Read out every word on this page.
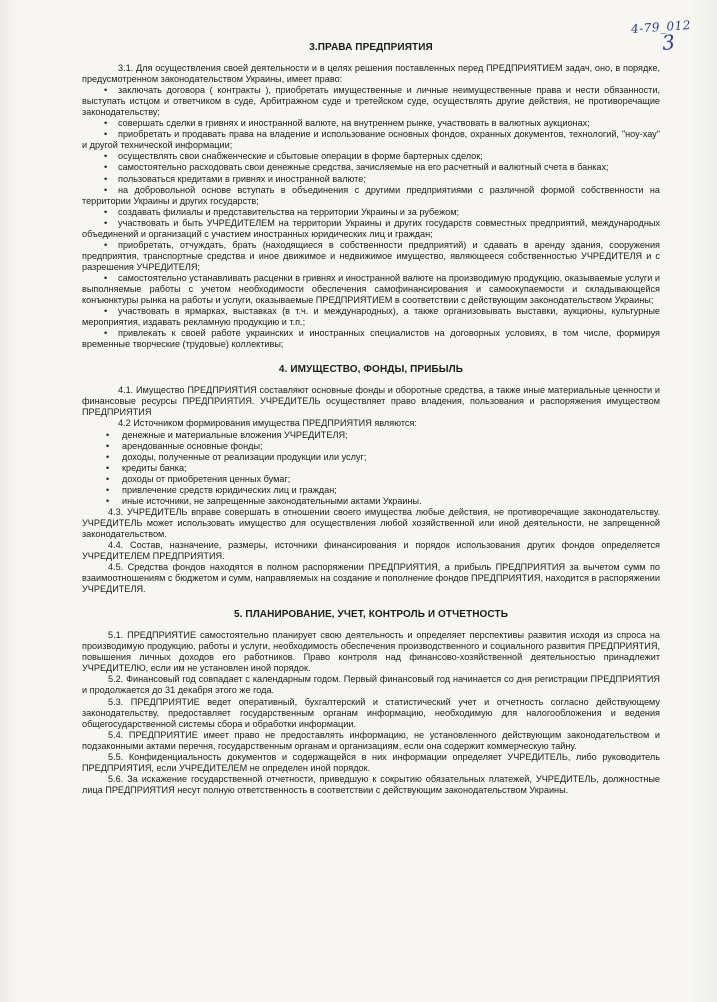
4-79_012
3
3.ПРАВА ПРЕДПРИЯТИЯ

3.1. Для осуществления своей деятельности и в целях решения поставленных перед ПРЕДПРИЯТИЕМ задач, оно, в порядке, предусмотренном законодательством Украины, имеет право:

• заключать договора ( контракты ), приобретать имущественные и личные неимущественные права и нести обязанности, выступать истцом и ответчиком в суде, Арбитражном суде и третейском суде, осуществлять другие действия, не противоречащие законодательству;
• совершать сделки в гривнях и иностранной валюте, на внутреннем рынке, участвовать в валютных аукционах;
• приобретать и продавать права на владение и использование основных фондов, охранных документов, технологий, "ноу-хау" и другой технической информации;
• осуществлять свои снабженческие и сбытовые операции в форме бартерных сделок;
• самостоятельно расходовать свои денежные средства, зачисляемые на его расчетный и валютный счета в банках;
• пользоваться кредитами в гривнях и иностранной валюте;
• на добровольной основе вступать в объединения с другими предприятиями с различной формой собственности на территории Украины и других государств;
• создавать филиалы и представительства на территории Украины и за рубежом;
• участвовать и быть УЧРЕДИТЕЛЕМ на территории Украины и других государств совместных предприятий, международных объединений и организаций с участием иностранных юридических лиц и граждан;
• приобретать, отчуждать, брать (находящиеся в собственности предприятий) и сдавать в аренду здания, сооружения предприятия, транспортные средства и иное движимое и недвижимое имущество, являющееся собственностью УЧРЕДИТЕЛЯ и с разрешения УЧРЕДИТЕЛЯ;
• самостоятельно устанавливать расценки в гривнях и иностранной валюте на производимую продукцию, оказываемые услуги и выполняемые работы с учетом необходимости обеспечения самофинансирования и самоокупаемости и складывающейся конъюнктуры рынка на работы и услуги, оказываемые ПРЕДПРИЯТИЕМ в соответствии с действующим законодательством Украины;
• участвовать в ярмарках, выставках (в т.ч. и международных), а также организовывать выставки, аукционы, культурные мероприятия, издавать рекламную продукцию и т.п.;
• привлекать к своей работе украинских и иностранных специалистов на договорных условиях, в том числе, формируя временные творческие (трудовые) коллективы;
4. ИМУЩЕСТВО, ФОНДЫ, ПРИБЫЛЬ

4.1. Имущество ПРЕДПРИЯТИЯ составляют основные фонды и оборотные средства, а также иные материальные ценности и финансовые ресурсы ПРЕДПРИЯТИЯ. УЧРЕДИТЕЛЬ осуществляет право владения, пользования и распоряжения имуществом ПРЕДПРИЯТИЯ

4.2 Источником формирования имущества ПРЕДПРИЯТИЯ являются:

• денежные и материальные вложения УЧРЕДИТЕЛЯ;
• арендованные основные фонды;
• доходы, полученные от реализации продукции или услуг;
• кредиты банка;
• доходы от приобретения ценных бумаг;
• привлечение средств юридических лиц и граждан;
• иные источники, не запрещенные законодательными актами Украины.

4.3. УЧРЕДИТЕЛЬ вправе совершать в отношении своего имущества любые действия, не противоречащие законодательству. УЧРЕДИТЕЛЬ может использовать имущество для осуществления любой хозяйственной или иной деятельности, не запрещенной законодательством.

4.4. Состав, назначение, размеры, источники финансирования и порядок использования других фондов определяется УЧРЕДИТЕЛЕМ ПРЕДПРИЯТИЯ.

4.5. Средства фондов находятся в полном распоряжении ПРЕДПРИЯТИЯ, а прибыль ПРЕДПРИЯТИЯ за вычетом сумм по взаимоотношениям с бюджетом и сумм, направляемых на создание и пополнение фондов ПРЕДПРИЯТИЯ, находится в распоряжении УЧРЕДИТЕЛЯ.

5. ПЛАНИРОВАНИЕ, УЧЕТ, КОНТРОЛЬ И ОТЧЕТНОСТЬ

5.1. ПРЕДПРИЯТИЕ самостоятельно планирует свою деятельность и определяет перспективы развития исходя из спроса на производимую продукцию, работы и услуги, необходимость обеспечения производственного и социального развития ПРЕДПРИЯТИЯ, повышения личных доходов его работников. Право контроля над финансово-хозяйственной деятельностью принадлежит УЧРЕДИТЕЛЮ, если им не установлен иной порядок.

5.2. Финансовый год совпадает с календарным годом. Первый финансовый год начинается со дня регистрации ПРЕДПРИЯТИЯ и продолжается до 31 декабря этого же года.

5.3. ПРЕДПРИЯТИЕ ведет оперативный, бухгалтерский и статистический учет и отчетность согласно действующему законодательству, предоставляет государственным органам информацию, необходимую для налогообложения и ведения общегосударственной системы сбора и обработки информации.

5.4. ПРЕДПРИЯТИЕ имеет право не предоставлять информацию, не установленного действующим законодательством и подзаконными актами перечня, государственным органам и организациям, если она содержит коммерческую тайну.

5.5. Конфиденциальность документов и содержащейся в них информации определяет УЧРЕДИТЕЛЬ, либо руководитель ПРЕДПРИЯТИЯ, если УЧРЕДИТЕЛЕМ не определен иной порядок.

5.6. За искажение государственной отчетности, приведшую к сокрытию обязательных платежей, УЧРЕДИТЕЛЬ, должностные лица ПРЕДПРИЯТИЯ несут полную ответственность в соответствии с действующим законодательством Украины.
